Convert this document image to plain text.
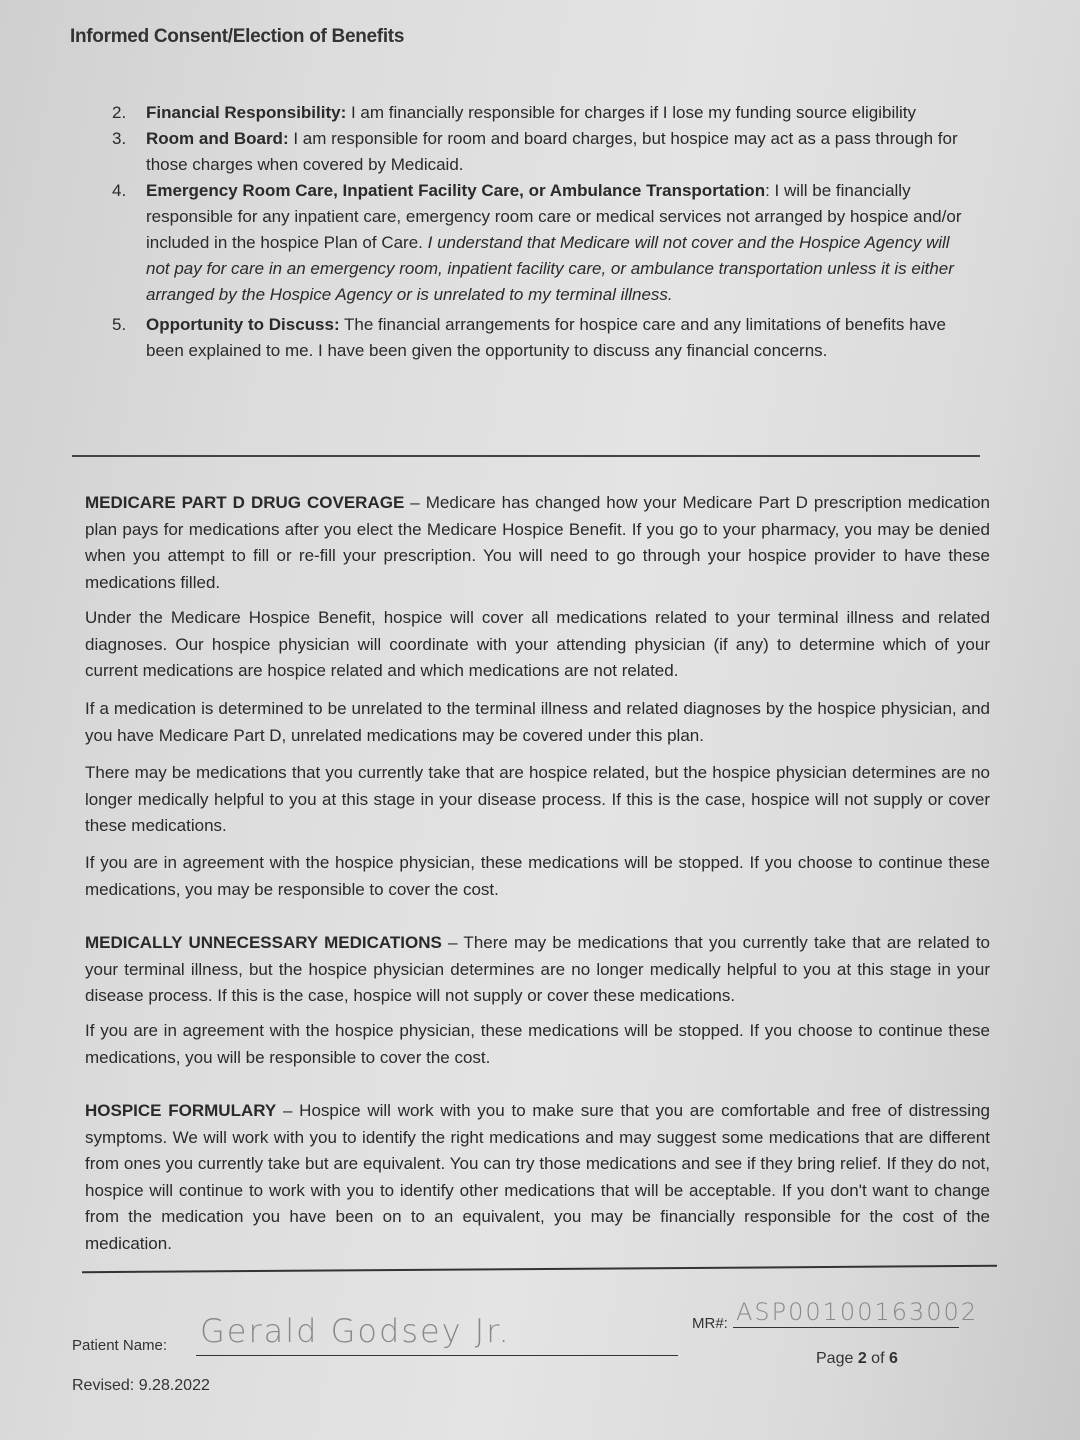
Informed Consent/Election of Benefits
2.	Financial Responsibility: I am financially responsible for charges if I lose my funding source eligibility
3.	Room and Board: I am responsible for room and board charges, but hospice may act as a pass through for those charges when covered by Medicaid.
4.	Emergency Room Care, Inpatient Facility Care, or Ambulance Transportation: I will be financially responsible for any inpatient care, emergency room care or medical services not arranged by hospice and/or included in the hospice Plan of Care. I understand that Medicare will not cover and the Hospice Agency will not pay for care in an emergency room, inpatient facility care, or ambulance transportation unless it is either arranged by the Hospice Agency or is unrelated to my terminal illness.
5.	Opportunity to Discuss: The financial arrangements for hospice care and any limitations of benefits have been explained to me. I have been given the opportunity to discuss any financial concerns.
MEDICARE PART D DRUG COVERAGE – Medicare has changed how your Medicare Part D prescription medication plan pays for medications after you elect the Medicare Hospice Benefit. If you go to your pharmacy, you may be denied when you attempt to fill or re-fill your prescription. You will need to go through your hospice provider to have these medications filled.
Under the Medicare Hospice Benefit, hospice will cover all medications related to your terminal illness and related diagnoses. Our hospice physician will coordinate with your attending physician (if any) to determine which of your current medications are hospice related and which medications are not related.
If a medication is determined to be unrelated to the terminal illness and related diagnoses by the hospice physician, and you have Medicare Part D, unrelated medications may be covered under this plan.
There may be medications that you currently take that are hospice related, but the hospice physician determines are no longer medically helpful to you at this stage in your disease process. If this is the case, hospice will not supply or cover these medications.
If you are in agreement with the hospice physician, these medications will be stopped. If you choose to continue these medications, you may be responsible to cover the cost.
MEDICALLY UNNECESSARY MEDICATIONS – There may be medications that you currently take that are related to your terminal illness, but the hospice physician determines are no longer medically helpful to you at this stage in your disease process. If this is the case, hospice will not supply or cover these medications.
If you are in agreement with the hospice physician, these medications will be stopped. If you choose to continue these medications, you will be responsible to cover the cost.
HOSPICE FORMULARY – Hospice will work with you to make sure that you are comfortable and free of distressing symptoms. We will work with you to identify the right medications and may suggest some medications that are different from ones you currently take but are equivalent. You can try those medications and see if they bring relief. If they do not, hospice will continue to work with you to identify other medications that will be acceptable. If you don't want to change from the medication you have been on to an equivalent, you may be financially responsible for the cost of the medication.
Patient Name: Gerald Godsey Jr.	MR#: ASP00100163002
Page 2 of 6
Revised: 9.28.2022
